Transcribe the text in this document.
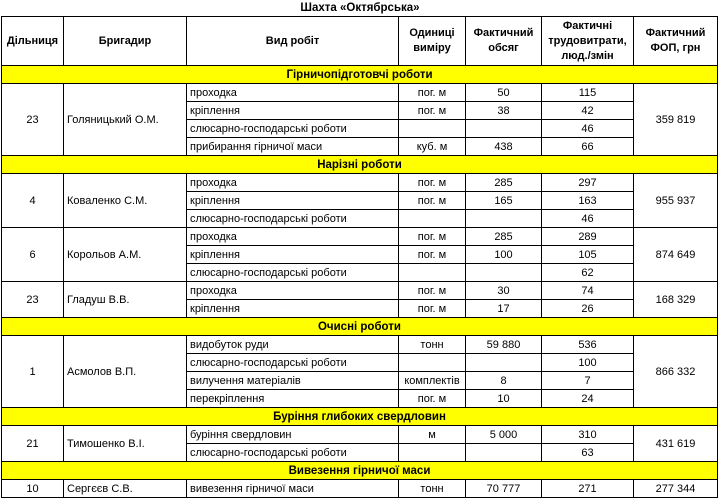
Шахта «Октябрська»
Дільниця	Бригадир	Вид робіт	Одиниці виміру	Фактичний обсяг	Фактичні трудовитрати, люд./змін	Фактичний ФОП, грн
Гірничопідготовчі роботи						
23	Голяницький О.М.	проходка	пог. м	50	115	359 819
		кріплення	пог. м	38	42	
		слюсарно-господарські роботи			46	
		прибирання гірничої маси	куб. м	438	66	
Нарізні роботи						
4	Коваленко С.М.	проходка	пог. м	285	297	955 937
		кріплення	пог. м	165	163	
		слюсарно-господарські роботи			46	
6	Корольов А.М.	проходка	пог. м	285	289	874 649
		кріплення	пог. м	100	105	
		слюсарно-господарські роботи			62	
23	Гладуш В.В.	проходка	пог. м	30	74	168 329
		кріплення	пог. м	17	26	
Очисні роботи						
1	Асмолов В.П.	видобуток руди	тонн	59 880	536	866 332
		слюсарно-господарські роботи			100	
		вилучення матеріалів	комплектів	8	7	
		перекріплення	пог. м	10	24	
Буріння глибоких свердловин						
21	Тимошенко В.І.	буріння свердловин	м	5 000	310	431 619
		слюсарно-господарські роботи			63	
Вивезення гірничої маси						
10	Сергєєв С.В.	вивезення гірничої маси	тонн	70 777	271	277 344
